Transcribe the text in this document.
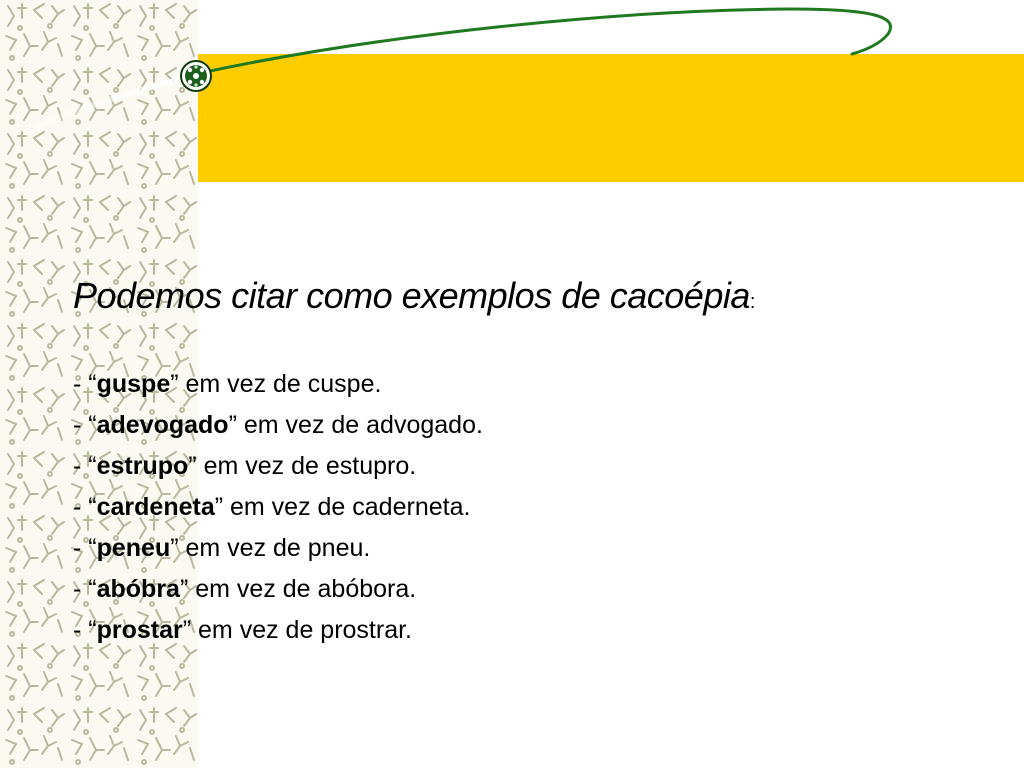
Podemos citar como exemplos de cacoépia:

- “guspe” em vez de cuspe.
- “adevogado” em vez de advogado.
- “estrupo” em vez de estupro.
- “cardeneta” em vez de caderneta.
- “peneu” em vez de pneu.
- “abóbra” em vez de abóbora.
- “prostar” em vez de prostrar.
